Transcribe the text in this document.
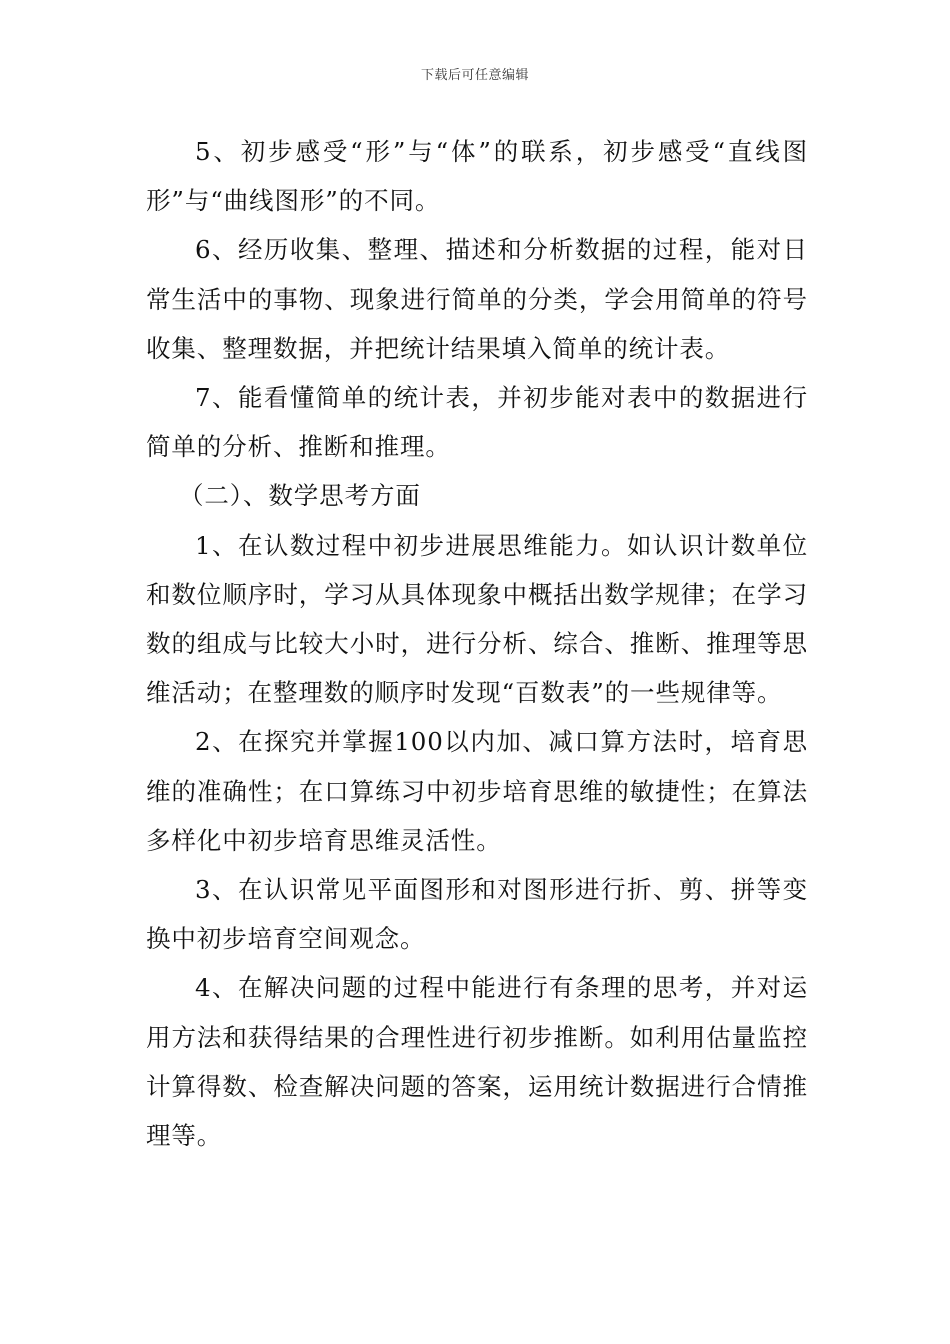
下载后可任意编辑

5、初步感受“形”与“体”的联系，初步感受“直线图形”与“曲线图形”的不同。

6、经历收集、整理、描述和分析数据的过程，能对日常生活中的事物、现象进行简单的分类，学会用简单的符号收集、整理数据，并把统计结果填入简单的统计表。

7、能看懂简单的统计表，并初步能对表中的数据进行简单的分析、推断和推理。

（二）、数学思考方面

1、在认数过程中初步进展思维能力。如认识计数单位和数位顺序时，学习从具体现象中概括出数学规律；在学习数的组成与比较大小时，进行分析、综合、推断、推理等思维活动；在整理数的顺序时发现“百数表”的一些规律等。

2、在探究并掌握100以内加、减口算方法时，培育思维的准确性；在口算练习中初步培育思维的敏捷性；在算法多样化中初步培育思维灵活性。

3、在认识常见平面图形和对图形进行折、剪、拼等变换中初步培育空间观念。

4、在解决问题的过程中能进行有条理的思考，并对运用方法和获得结果的合理性进行初步推断。如利用估量监控计算得数、检查解决问题的答案，运用统计数据进行合情推理等。
